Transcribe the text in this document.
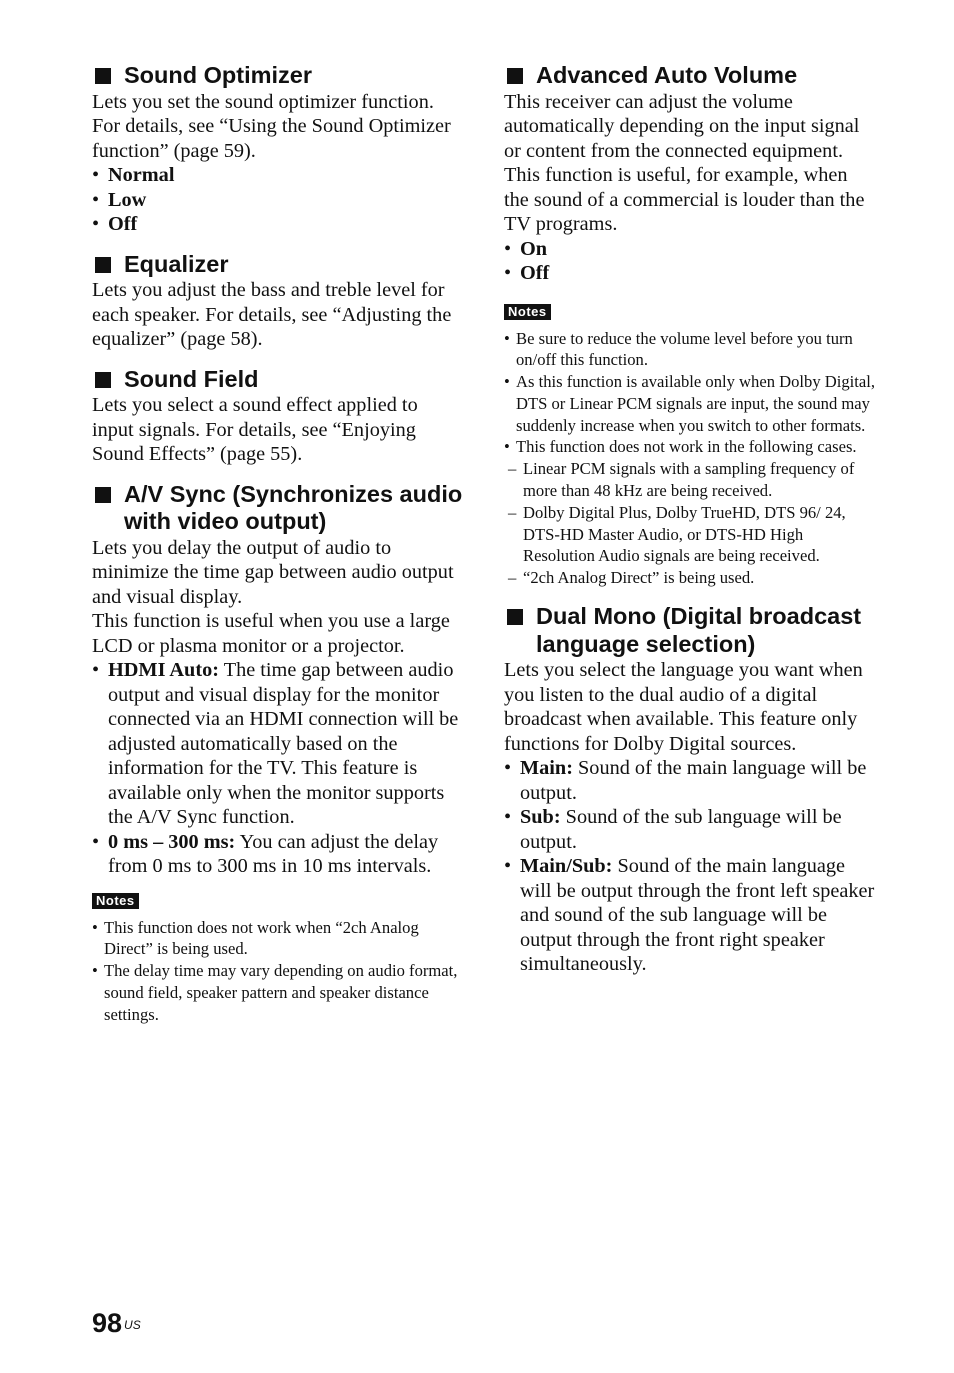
Sound Optimizer

Lets you set the sound optimizer function. For details, see “Using the Sound Optimizer function” (page 59).

• Normal
• Low
• Off
Equalizer

Lets you adjust the bass and treble level for each speaker. For details, see “Adjusting the equalizer” (page 58).

Sound Field

Lets you select a sound effect applied to input signals. For details, see “Enjoying Sound Effects” (page 55).

A/V Sync (Synchronizes audio with video output)

Lets you delay the output of audio to minimize the time gap between audio output and visual display.

This function is useful when you use a large LCD or plasma monitor or a projector.

• HDMI Auto: The time gap between audio output and visual display for the monitor connected via an HDMI connection will be adjusted automatically based on the information for the TV. This feature is available only when the monitor supports the A/V Sync function.
• 0 ms – 300 ms: You can adjust the delay from 0 ms to 300 ms in 10 ms intervals.
Notes
• This function does not work when “2ch Analog Direct” is being used.
• The delay time may vary depending on audio format, sound field, speaker pattern and speaker distance settings.
Advanced Auto Volume

This receiver can adjust the volume automatically depending on the input signal or content from the connected equipment.

This function is useful, for example, when the sound of a commercial is louder than the TV programs.

• On
• Off
Notes
• Be sure to reduce the volume level before you turn on/off this function.
• As this function is available only when Dolby Digital, DTS or Linear PCM signals are input, the sound may suddenly increase when you switch to other formats.
• This function does not work in the following cases.
– Linear PCM signals with a sampling frequency of more than 48 kHz are being received.
– Dolby Digital Plus, Dolby TrueHD, DTS 96/ 24, DTS-HD Master Audio, or DTS-HD High Resolution Audio signals are being received.
– “2ch Analog Direct” is being used.
Dual Mono (Digital broadcast language selection)

Lets you select the language you want when you listen to the dual audio of a digital broadcast when available. This feature only functions for Dolby Digital sources.

• Main: Sound of the main language will be output.
• Sub: Sound of the sub language will be output.
• Main/Sub: Sound of the main language will be output through the front left speaker and sound of the sub language will be output through the front right speaker simultaneously.
98 $^{US}$
